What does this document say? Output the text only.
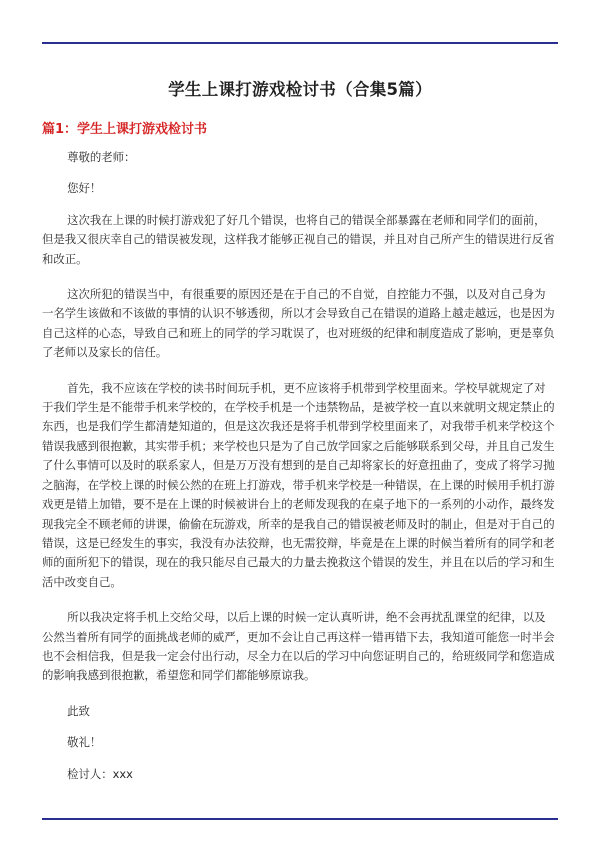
学生上课打游戏检讨书（合集5篇）
篇1：学生上课打游戏检讨书

尊敬的老师：

您好！

这次我在上课的时候打游戏犯了好几个错误，也将自己的错误全部暴露在老师和同学们的面前，但是我又很庆幸自己的错误被发现，这样我才能够正视自己的错误，并且对自己所产生的错误进行反省和改正。

这次所犯的错误当中，有很重要的原因还是在于自己的不自觉，自控能力不强，以及对自己身为一名学生该做和不该做的事情的认识不够透彻，所以才会导致自己在错误的道路上越走越远，也是因为自己这样的心态，导致自己和班上的同学的学习耽误了，也对班级的纪律和制度造成了影响，更是辜负了老师以及家长的信任。

首先，我不应该在学校的读书时间玩手机，更不应该将手机带到学校里面来。学校早就规定了对于我们学生是不能带手机来学校的，在学校手机是一个违禁物品，是被学校一直以来就明文规定禁止的东西，也是我们学生都清楚知道的，但是这次我还是将手机带到学校里面来了，对我带手机来学校这个错误我感到很抱歉，其实带手机；来学校也只是为了自己放学回家之后能够联系到父母，并且自己发生了什么事情可以及时的联系家人，但是万万没有想到的是自己却将家长的好意扭曲了，变成了将学习抛之脑海，在学校上课的时候公然的在班上打游戏，带手机来学校是一种错误，在上课的时候用手机打游戏更是错上加错，要不是在上课的时候被讲台上的老师发现我的在桌子地下的一系列的小动作，最终发现我完全不顾老师的讲课，偷偷在玩游戏，所幸的是我自己的错误被老师及时的制止，但是对于自己的错误，这是已经发生的事实，我没有办法狡辩，也无需狡辩，毕竟是在上课的时候当着所有的同学和老师的面所犯下的错误，现在的我只能尽自己最大的力量去挽救这个错误的发生，并且在以后的学习和生活中改变自己。

所以我决定将手机上交给父母，以后上课的时候一定认真听讲，绝不会再扰乱课堂的纪律，以及公然当着所有同学的面挑战老师的威严，更加不会让自己再这样一错再错下去，我知道可能您一时半会也不会相信我，但是我一定会付出行动，尽全力在以后的学习中向您证明自己的，给班级同学和您造成的影响我感到很抱歉，希望您和同学们都能够原谅我。

此致

敬礼！

检讨人：xxx
